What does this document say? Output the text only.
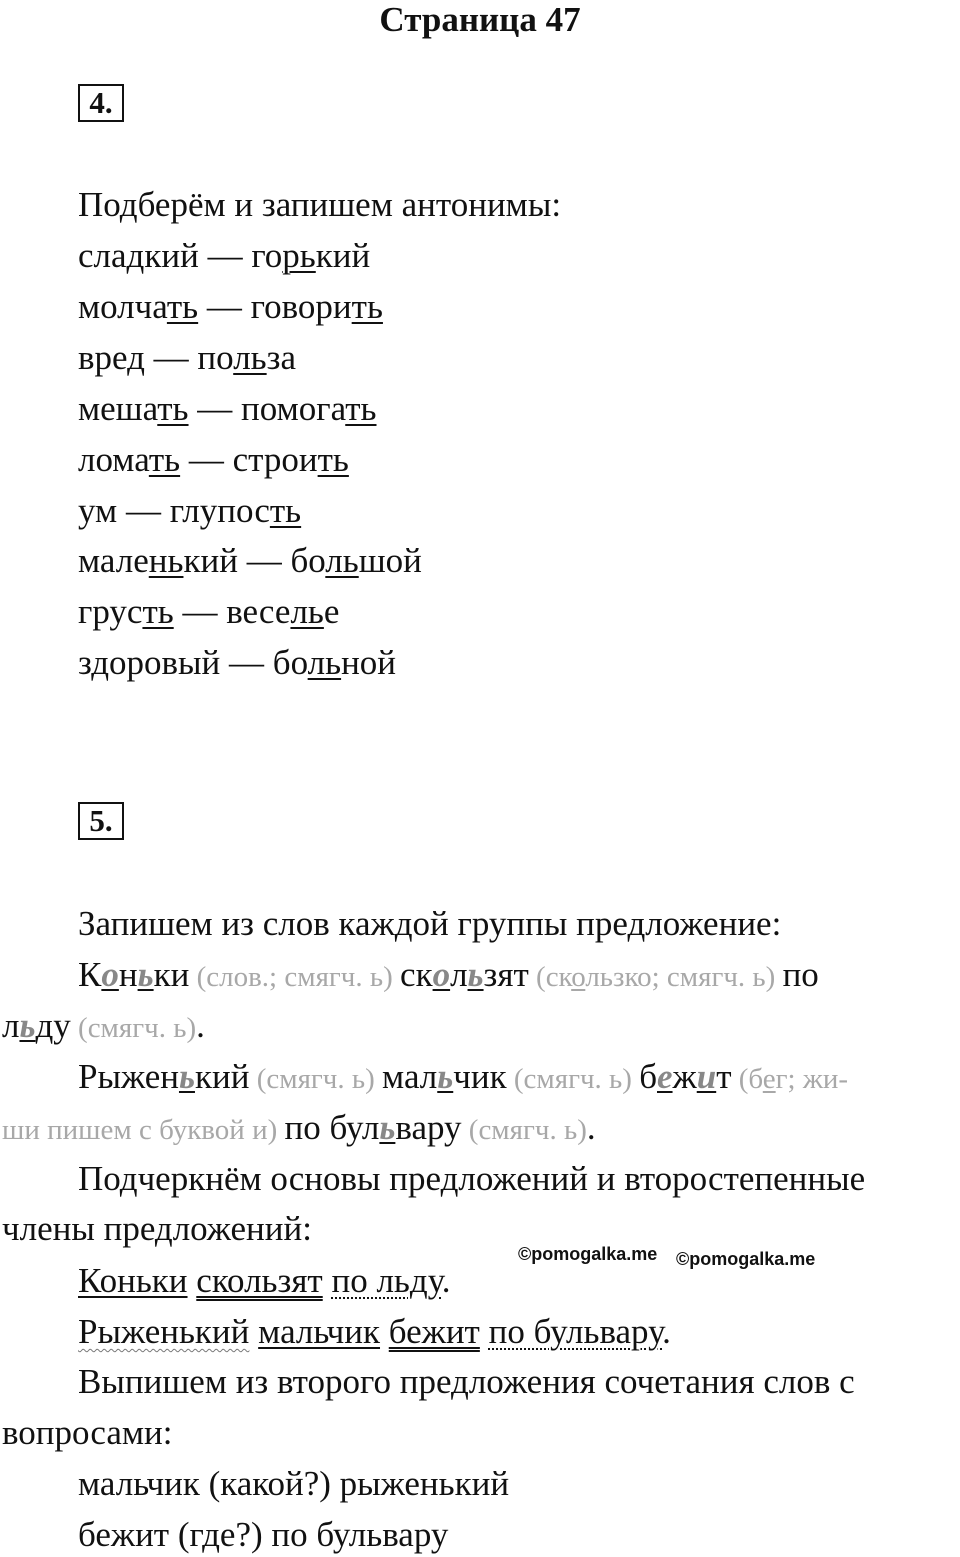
Страница 47
4.
Подберём и запишем антонимы:
сладкий — горький
молчать — говорить
вред — польза
мешать — помогать
ломать — строить
ум — глупость
маленький — большой
грусть — веселье
здоровый — больной
5.
Запишем из слов каждой группы предложение:
Коньки (слов.; смягч. ь) скользят (скользко; смягч. ь) по
льду (смягч. ь).
Рыженький (смягч. ь) мальчик (смягч. ь) бежит (бег; жи-
ши пишем с буквой и) по бульвару (смягч. ь).
Подчеркнём основы предложений и второстепенные
члены предложений:
©pomogalka.me ©pomogalka.me
Коньки скользят по льду.
Рыженький мальчик бежит по бульвару.
Выпишем из второго предложения сочетания слов с
вопросами:
мальчик (какой?) рыженький
бежит (где?) по бульвару
